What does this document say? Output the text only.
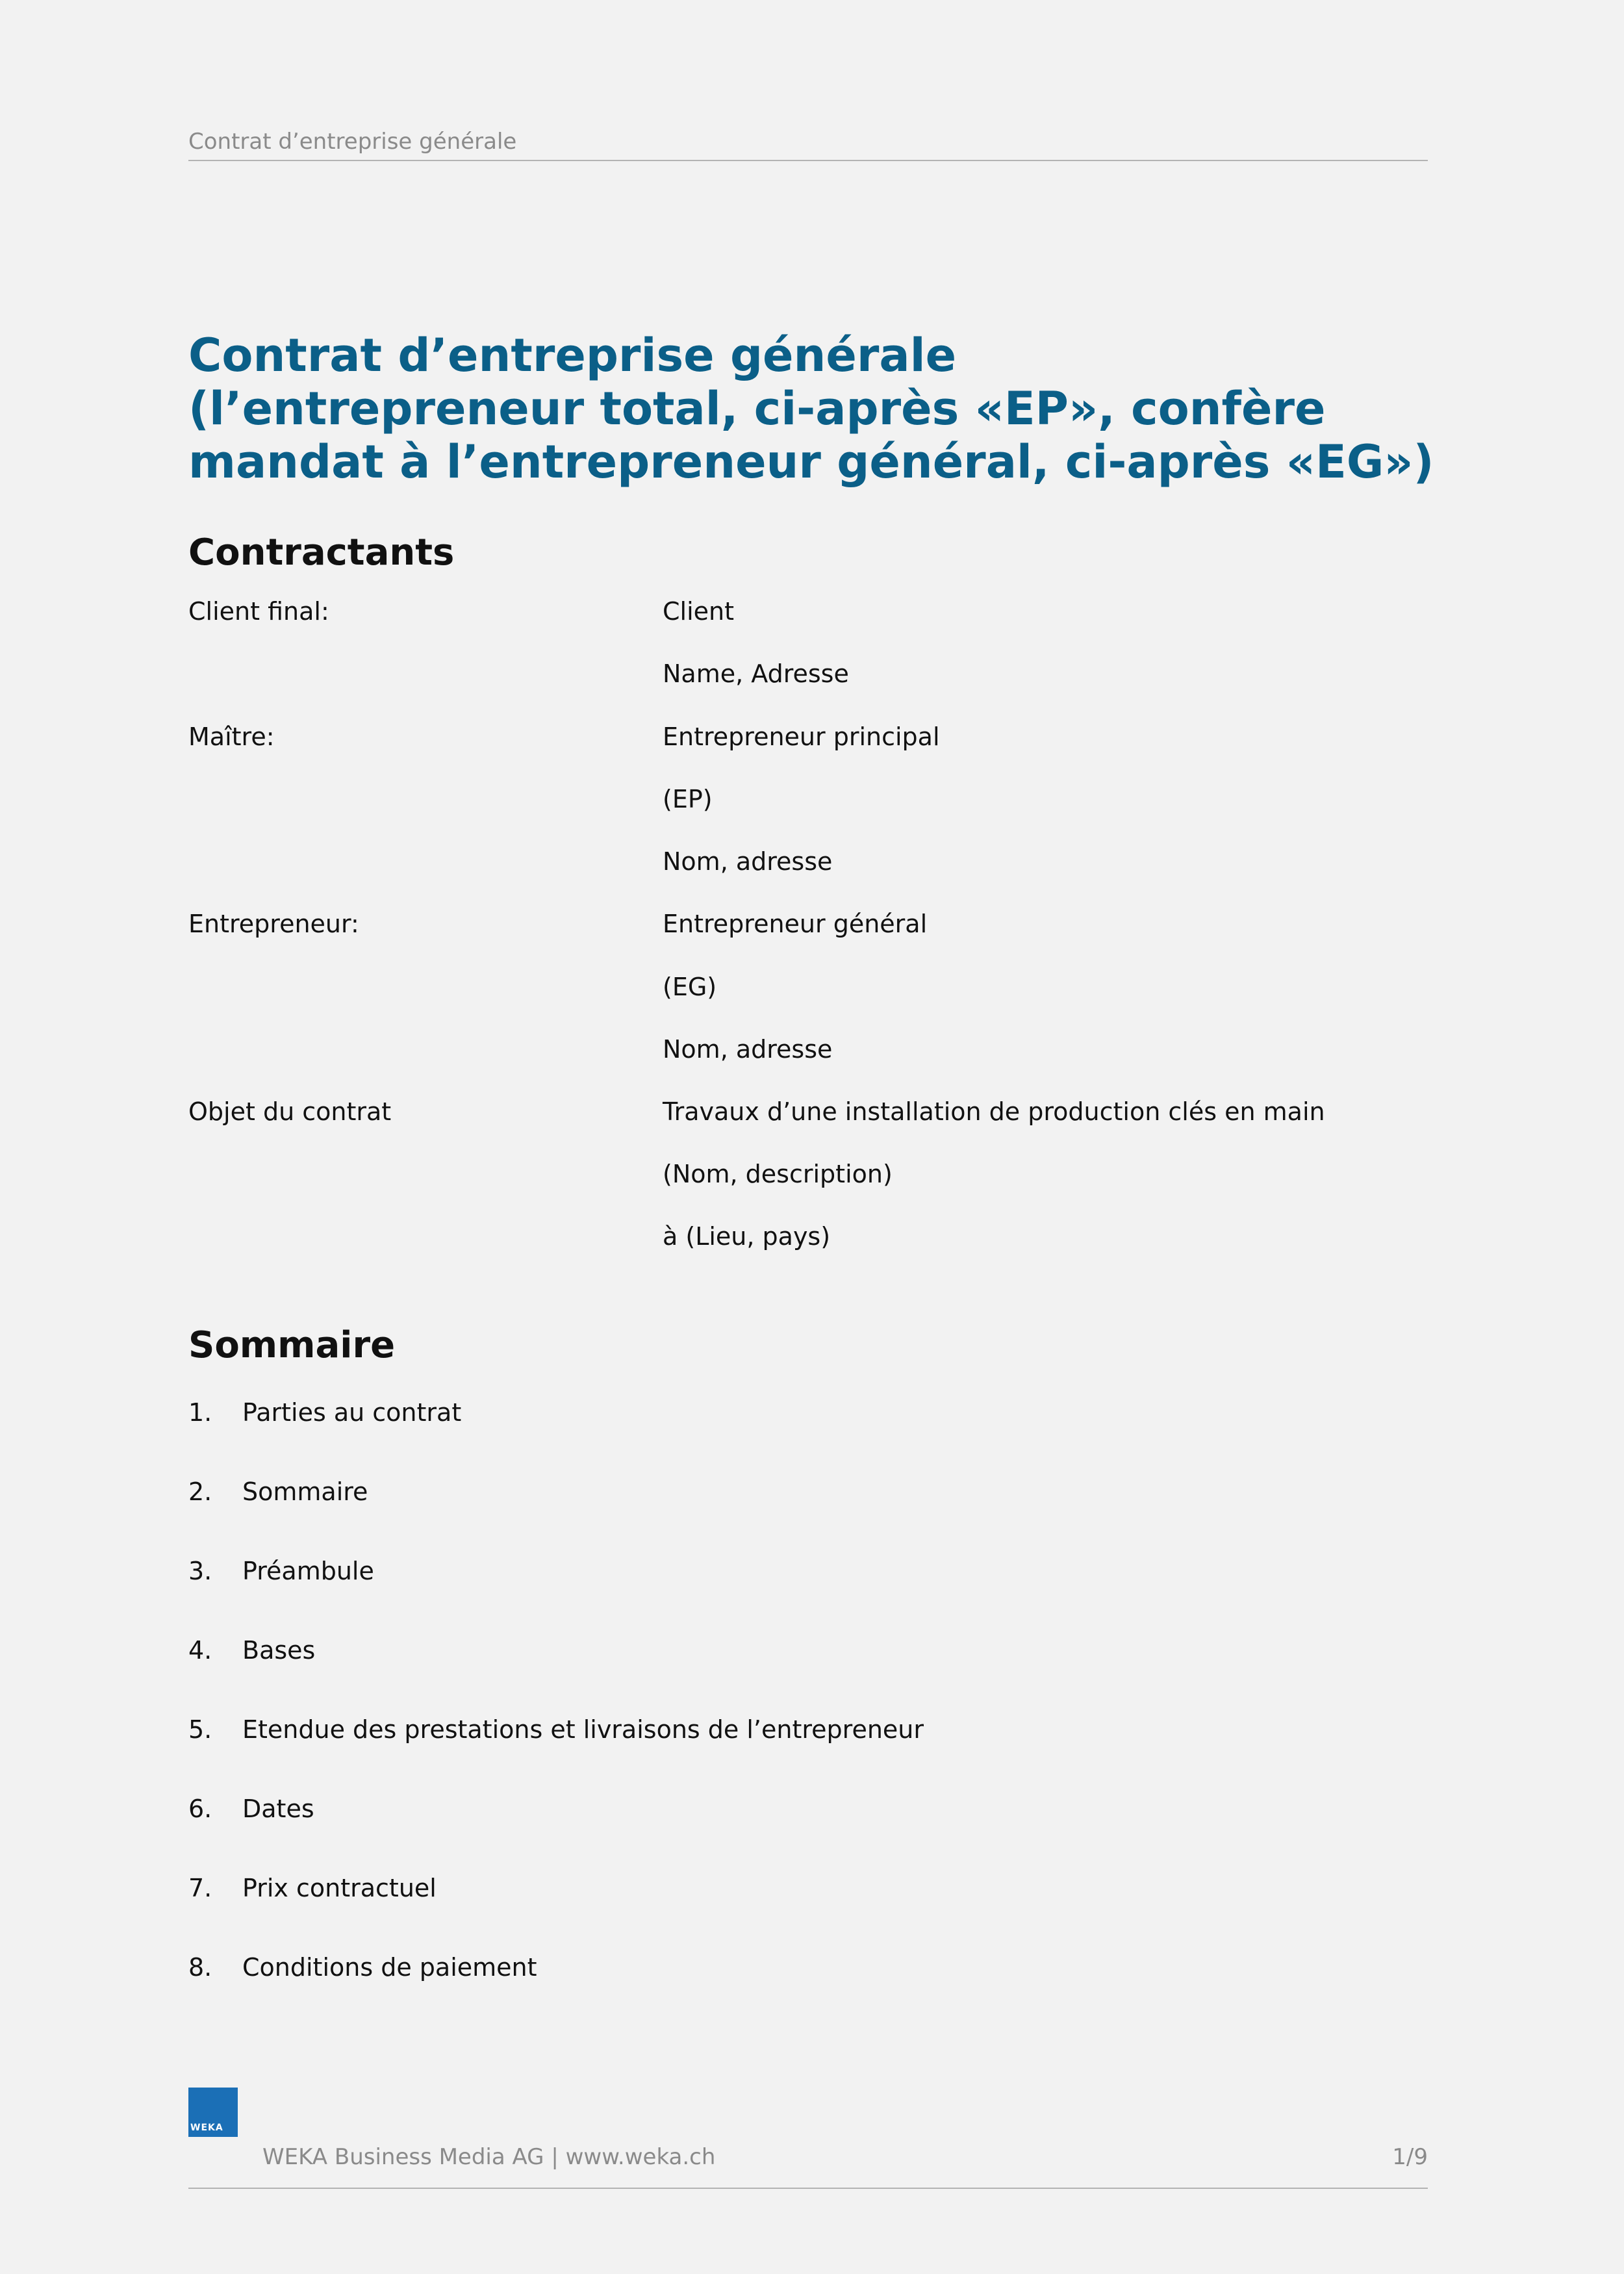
Contrat d’entreprise générale
Contrat d’entreprise générale
(l’entrepreneur total, ci-après «EP», confère
mandat à l’entrepreneur général, ci-après «EG»)
Contractants
Client final:	Client
Name, Adresse
Maître:	Entrepreneur principal
(EP)
Nom, adresse
Entrepreneur:	Entrepreneur général
(EG)
Nom, adresse
Objet du contrat	Travaux d’une installation de production clés en main
(Nom, description)
à (Lieu, pays)
Sommaire
1. Parties au contrat
2. Sommaire
3. Préambule
4. Bases
5. Etendue des prestations et livraisons de l’entrepreneur
6. Dates
7. Prix contractuel
8. Conditions de paiement
WEKA
WEKA Business Media AG | www.weka.ch	1/9
